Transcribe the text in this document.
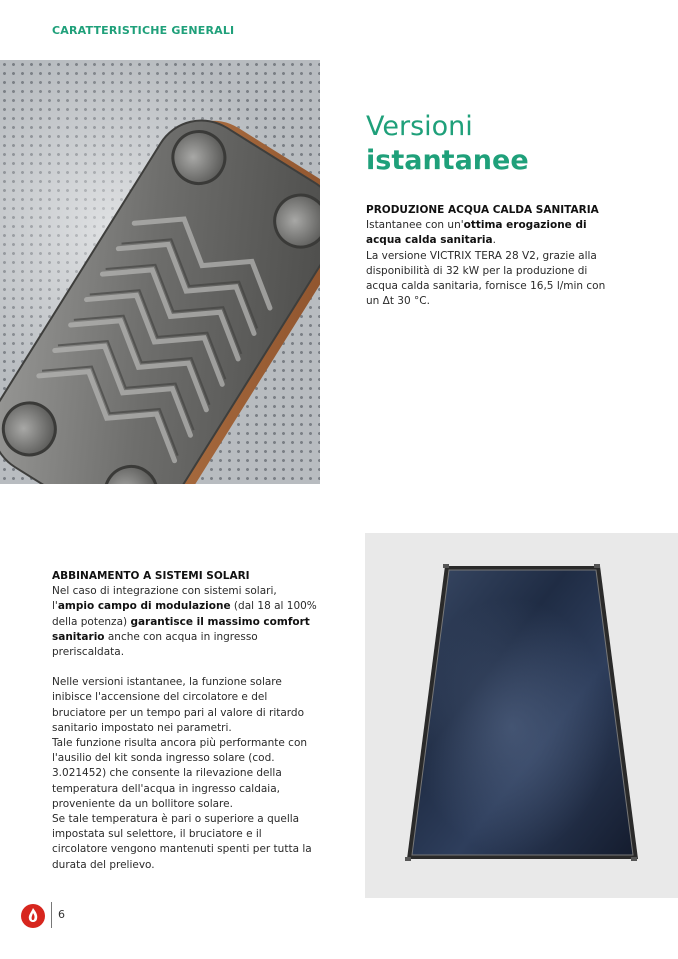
CARATTERISTICHE GENERALI
Versioni
istantanee
PRODUZIONE ACQUA CALDA SANITARIA

Istantanee con un'ottima erogazione di acqua calda sanitaria.

La versione VICTRIX TERA 28 V2, grazie alla disponibilità di 32 kW per la produzione di acqua calda sanitaria, fornisce 16,5 l/min con un Δt 30 °C.

ABBINAMENTO A SISTEMI SOLARI

Nel caso di integrazione con sistemi solari, l'ampio campo di modulazione (dal 18 al 100% della potenza) garantisce il massimo comfort sanitario anche con acqua in ingresso preriscaldata.

Nelle versioni istantanee, la funzione solare inibisce l'accensione del circolatore e del bruciatore per un tempo pari al valore di ritardo sanitario impostato nei parametri.

Tale funzione risulta ancora più performante con l'ausilio del kit sonda ingresso solare (cod. 3.021452) che consente la rilevazione della temperatura dell'acqua in ingresso caldaia, proveniente da un bollitore solare.

Se tale temperatura è pari o superiore a quella impostata sul selettore, il bruciatore e il circolatore vengono mantenuti spenti per tutta la durata del prelievo.

6
